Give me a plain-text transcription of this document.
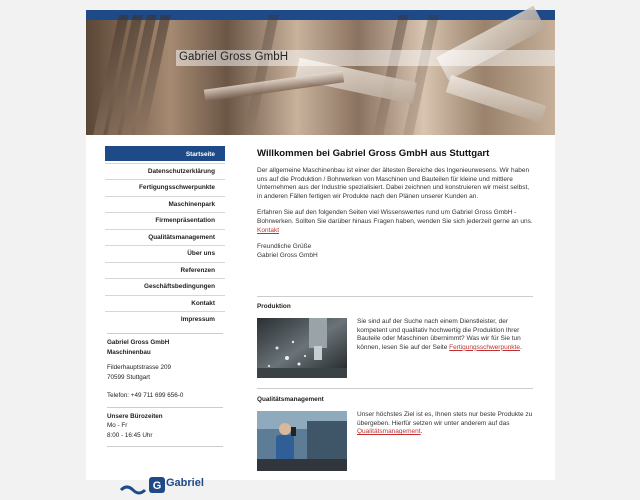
Gabriel Gross GmbH
Startseite
Datenschutzerklärung
Fertigungsschwerpunkte
Maschinenpark
Firmenpräsentation
Qualitätsmanagement
Über uns
Referenzen
Geschäftsbedingungen
Kontakt
Impressum
Gabriel Gross GmbH
Maschinenbau
Filderhauptstrasse 209
70599 Stuttgart
Telefon: +49 711 699 656-0
Unsere Bürozeiten
Mo - Fr
8:00 - 16:45 Uhr
G Gabriel
Willkommen bei Gabriel Gross GmbH aus Stuttgart

Der allgemeine Maschinenbau ist einer der ältesten Bereiche des Ingenieurwesens. Wir haben uns auf die Produktion / Bohrwerken von Maschinen und Bauteilen für kleine und mittlere Unternehmen aus der Industrie spezialisiert. Dabei zeichnen und konstruieren wir meist selbst, in anderen Fällen fertigen wir Produkte nach den Plänen unserer Kunden an.

Erfahren Sie auf den folgenden Seiten viel Wissenswertes rund um Gabriel Gross GmbH - Bohrwerken. Sollten Sie darüber hinaus Fragen haben, wenden Sie sich jederzeit gerne an uns. Kontakt

Freundliche Grüße

Gabriel Gross GmbH

Produktion

Sie sind auf der Suche nach einem Dienstleister, der kompetent und qualitativ hochwertig die Produktion Ihrer Bauteile oder Maschinen übernimmt? Was wir für Sie tun können, lesen Sie auf der Seite Fertigungsschwerpunkte.

Qualitätsmanagement

Unser höchstes Ziel ist es, Ihnen stets nur beste Produkte zu übergeben. Hierfür setzen wir unter anderem auf das Qualitätsmanagement.
